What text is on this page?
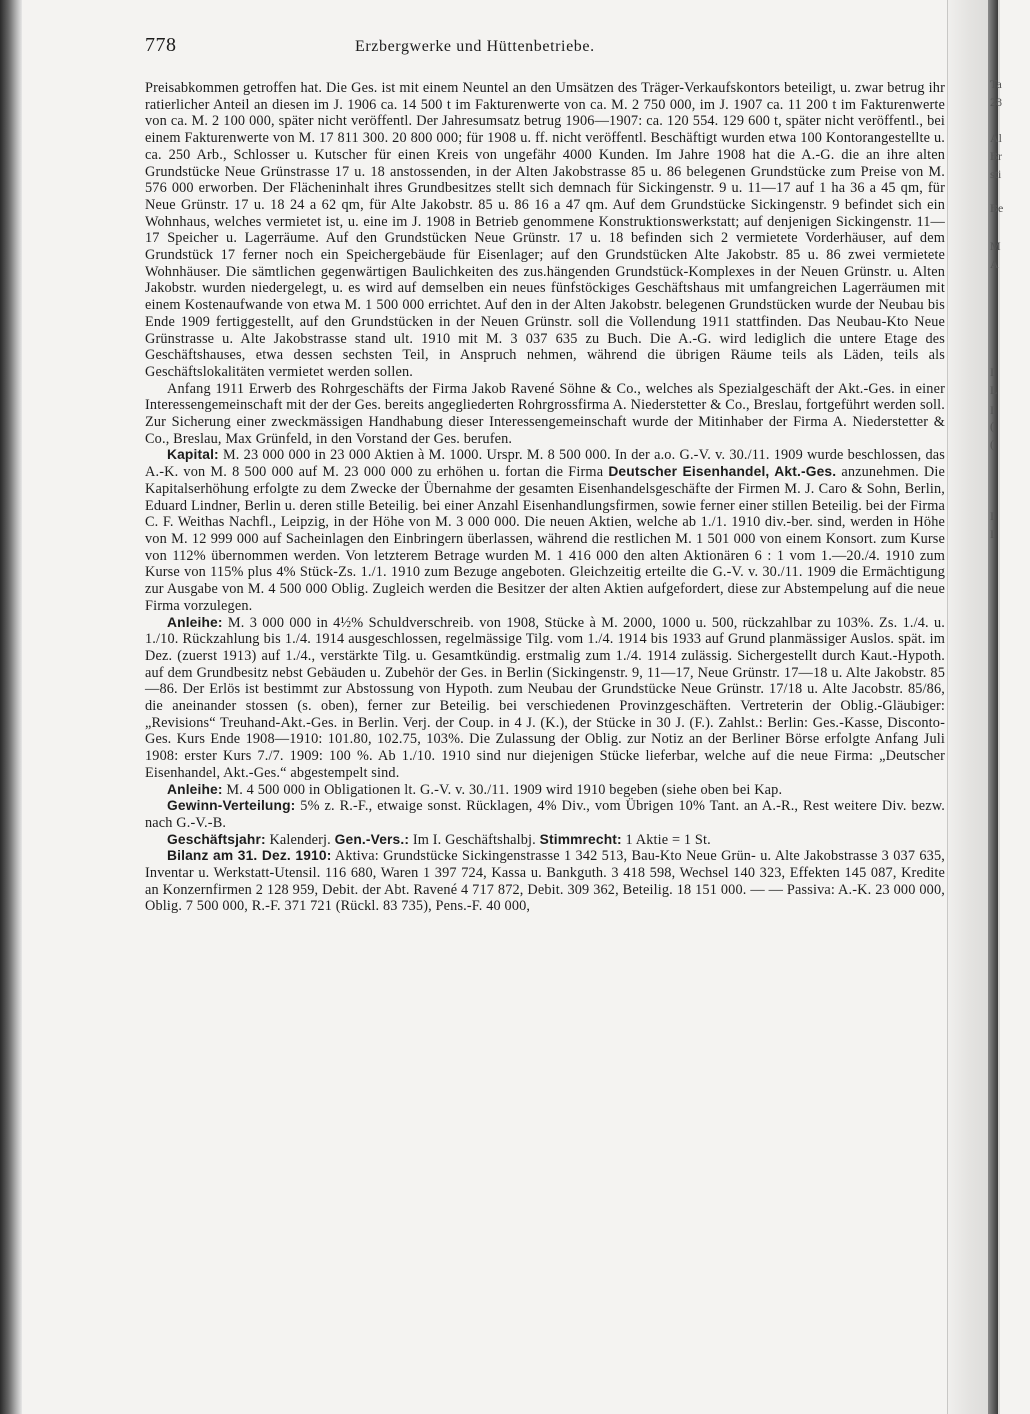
Ta
28
Al
Br
sti
Be
M
A
I
L
I
(
(
I
I
778	Erzbergwerke und Hüttenbetriebe.

Preisabkommen getroffen hat. Die Ges. ist mit einem Neuntel an den Umsätzen des Träger-Verkaufskontors beteiligt, u. zwar betrug ihr ratierlicher Anteil an diesen im J. 1906 ca. 14 500 t im Fakturenwerte von ca. M. 2 750 000, im J. 1907 ca. 11 200 t im Fakturenwerte von ca. M. 2 100 000, später nicht veröffentl. Der Jahresumsatz betrug 1906—1907: ca. 120 554. 129 600 t, später nicht veröffentl., bei einem Fakturenwerte von M. 17 811 300. 20 800 000; für 1908 u. ff. nicht veröffentl. Beschäftigt wurden etwa 100 Kontorangestellte u. ca. 250 Arb., Schlosser u. Kutscher für einen Kreis von ungefähr 4000 Kunden. Im Jahre 1908 hat die A.-G. die an ihre alten Grundstücke Neue Grünstrasse 17 u. 18 anstossenden, in der Alten Jakobstrasse 85 u. 86 belegenen Grundstücke zum Preise von M. 576 000 erworben. Der Flächeninhalt ihres Grundbesitzes stellt sich demnach für Sickingenstr. 9 u. 11—17 auf 1 ha 36 a 45 qm, für Neue Grünstr. 17 u. 18 24 a 62 qm, für Alte Jakobstr. 85 u. 86 16 a 47 qm. Auf dem Grundstücke Sickingenstr. 9 befindet sich ein Wohnhaus, welches vermietet ist, u. eine im J. 1908 in Betrieb genommene Konstruktionswerkstatt; auf denjenigen Sickingenstr. 11—17 Speicher u. Lagerräume. Auf den Grundstücken Neue Grünstr. 17 u. 18 befinden sich 2 vermietete Vorderhäuser, auf dem Grundstück 17 ferner noch ein Speichergebäude für Eisenlager; auf den Grundstücken Alte Jakobstr. 85 u. 86 zwei vermietete Wohnhäuser. Die sämtlichen gegenwärtigen Baulichkeiten des zus.hängenden Grundstück-Komplexes in der Neuen Grünstr. u. Alten Jakobstr. wurden niedergelegt, u. es wird auf demselben ein neues fünfstöckiges Geschäftshaus mit umfangreichen Lagerräumen mit einem Kostenaufwande von etwa M. 1 500 000 errichtet. Auf den in der Alten Jakobstr. belegenen Grundstücken wurde der Neubau bis Ende 1909 fertiggestellt, auf den Grundstücken in der Neuen Grünstr. soll die Vollendung 1911 stattfinden. Das Neubau-Kto Neue Grünstrasse u. Alte Jakobstrasse stand ult. 1910 mit M. 3 037 635 zu Buch. Die A.-G. wird lediglich die untere Etage des Geschäftshauses, etwa dessen sechsten Teil, in Anspruch nehmen, während die übrigen Räume teils als Läden, teils als Geschäftslokalitäten vermietet werden sollen.

Anfang 1911 Erwerb des Rohrgeschäfts der Firma Jakob Ravené Söhne & Co., welches als Spezialgeschäft der Akt.-Ges. in einer Interessengemeinschaft mit der der Ges. bereits angegliederten Rohrgrossfirma A. Niederstetter & Co., Breslau, fortgeführt werden soll. Zur Sicherung einer zweckmässigen Handhabung dieser Interessengemeinschaft wurde der Mitinhaber der Firma A. Niederstetter & Co., Breslau, Max Grünfeld, in den Vorstand der Ges. berufen.

Kapital: M. 23 000 000 in 23 000 Aktien à M. 1000. Urspr. M. 8 500 000. In der a.o. G.-V. v. 30./11. 1909 wurde beschlossen, das A.-K. von M. 8 500 000 auf M. 23 000 000 zu erhöhen u. fortan die Firma Deutscher Eisenhandel, Akt.-Ges. anzunehmen. Die Kapitalserhöhung erfolgte zu dem Zwecke der Übernahme der gesamten Eisenhandelsgeschäfte der Firmen M. J. Caro & Sohn, Berlin, Eduard Lindner, Berlin u. deren stille Beteilig. bei einer Anzahl Eisenhandlungsfirmen, sowie ferner einer stillen Beteilig. bei der Firma C. F. Weithas Nachfl., Leipzig, in der Höhe von M. 3 000 000. Die neuen Aktien, welche ab 1./1. 1910 div.-ber. sind, werden in Höhe von M. 12 999 000 auf Sacheinlagen den Einbringern überlassen, während die restlichen M. 1 501 000 von einem Konsort. zum Kurse von 112% übernommen werden. Von letzterem Betrage wurden M. 1 416 000 den alten Aktionären 6 : 1 vom 1.—20./4. 1910 zum Kurse von 115% plus 4% Stück-Zs. 1./1. 1910 zum Bezuge angeboten. Gleichzeitig erteilte die G.-V. v. 30./11. 1909 die Ermächtigung zur Ausgabe von M. 4 500 000 Oblig. Zugleich werden die Besitzer der alten Aktien aufgefordert, diese zur Abstempelung auf die neue Firma vorzulegen.

Anleihe: M. 3 000 000 in 4½% Schuldverschreib. von 1908, Stücke à M. 2000, 1000 u. 500, rückzahlbar zu 103%. Zs. 1./4. u. 1./10. Rückzahlung bis 1./4. 1914 ausgeschlossen, regelmässige Tilg. vom 1./4. 1914 bis 1933 auf Grund planmässiger Auslos. spät. im Dez. (zuerst 1913) auf 1./4., verstärkte Tilg. u. Gesamtkündig. erstmalig zum 1./4. 1914 zulässig. Sichergestellt durch Kaut.-Hypoth. auf dem Grundbesitz nebst Gebäuden u. Zubehör der Ges. in Berlin (Sickingenstr. 9, 11—17, Neue Grünstr. 17—18 u. Alte Jakobstr. 85—86. Der Erlös ist bestimmt zur Abstossung von Hypoth. zum Neubau der Grundstücke Neue Grünstr. 17/18 u. Alte Jacobstr. 85/86, die aneinander stossen (s. oben), ferner zur Beteilig. bei verschiedenen Provinzgeschäften. Vertreterin der Oblig.-Gläubiger: „Revisions“ Treuhand-Akt.-Ges. in Berlin. Verj. der Coup. in 4 J. (K.), der Stücke in 30 J. (F.). Zahlst.: Berlin: Ges.-Kasse, Disconto-Ges. Kurs Ende 1908—1910: 101.80, 102.75, 103%. Die Zulassung der Oblig. zur Notiz an der Berliner Börse erfolgte Anfang Juli 1908: erster Kurs 7./7. 1909: 100 %. Ab 1./10. 1910 sind nur diejenigen Stücke lieferbar, welche auf die neue Firma: „Deutscher Eisenhandel, Akt.-Ges.“ abgestempelt sind.

Anleihe: M. 4 500 000 in Obligationen lt. G.-V. v. 30./11. 1909 wird 1910 begeben (siehe oben bei Kap.

Gewinn-Verteilung: 5% z. R.-F., etwaige sonst. Rücklagen, 4% Div., vom Übrigen 10% Tant. an A.-R., Rest weitere Div. bezw. nach G.-V.-B.

Geschäftsjahr: Kalenderj. Gen.-Vers.: Im I. Geschäftshalbj. Stimmrecht: 1 Aktie = 1 St.

Bilanz am 31. Dez. 1910: Aktiva: Grundstücke Sickingenstrasse 1 342 513, Bau-Kto Neue Grün- u. Alte Jakobstrasse 3 037 635, Inventar u. Werkstatt-Utensil. 116 680, Waren 1 397 724, Kassa u. Bankguth. 3 418 598, Wechsel 140 323, Effekten 145 087, Kredite an Konzernfirmen 2 128 959, Debit. der Abt. Ravené 4 717 872, Debit. 309 362, Beteilig. 18 151 000. — — Passiva: A.-K. 23 000 000, Oblig. 7 500 000, R.-F. 371 721 (Rückl. 83 735), Pens.-F. 40 000,
